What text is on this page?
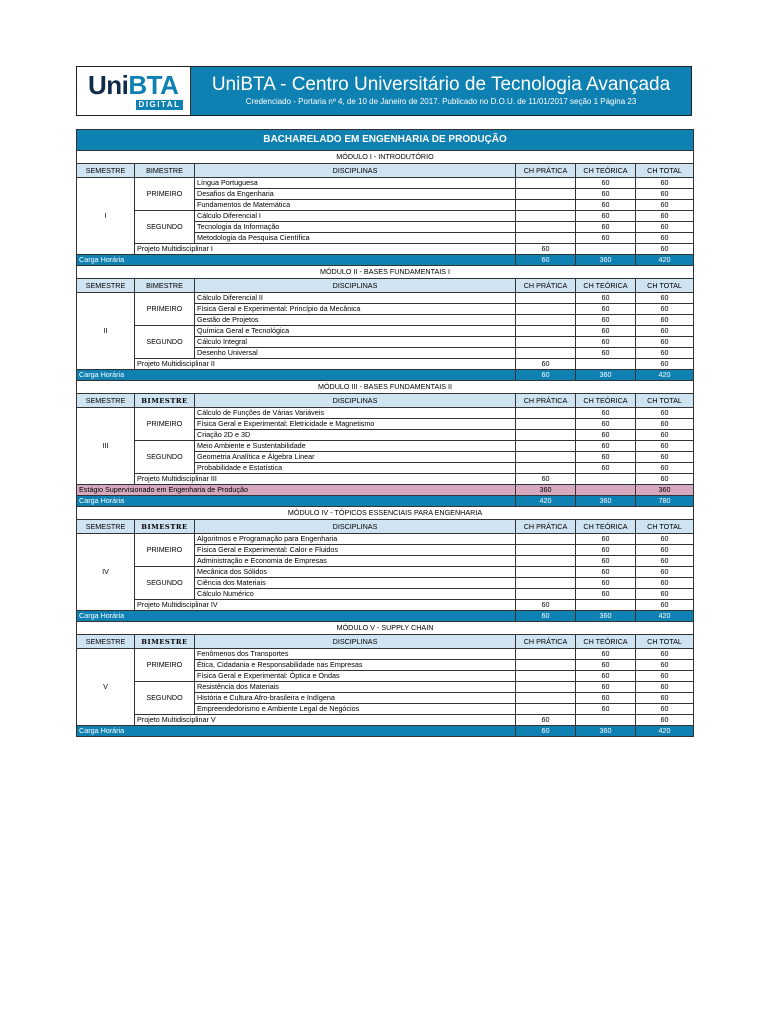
UniBTA
DIGITAL
UniBTA - Centro Universitário de Tecnologia Avançada
Credenciado - Portaria nº 4, de 10 de Janeiro de 2017. Publicado no D.O.U. de 11/01/2017 seção 1 Página 23
BACHARELADO EM ENGENHARIA DE PRODUÇÃO					
MÓDULO I - INTRODUTÓRIO					
SEMESTRE	BIMESTRE	DISCIPLINAS	CH PRÁTICA	CH TEÓRICA	CH TOTAL
I	PRIMEIRO	Língua Portuguesa		60	60
		Desafios da Engenharia		60	60
		Fundamentos de Matemática		60	60
	SEGUNDO	Cálculo Diferencial I		60	60
		Tecnologia da Informação		60	60
		Metodologia da Pesquisa Científica		60	60
	Projeto Multidisciplinar I		60		60
Carga Horária			60	360	420
MÓDULO II - BASES FUNDAMENTAIS I					
SEMESTRE	BIMESTRE	DISCIPLINAS	CH PRÁTICA	CH TEÓRICA	CH TOTAL
II	PRIMEIRO	Cálculo Diferencial II		60	60
		Física Geral e Experimental: Princípio da Mecânica		60	60
		Gestão de Projetos		60	60
	SEGUNDO	Química Geral e Tecnológica		60	60
		Cálculo Integral		60	60
		Desenho Universal		60	60
	Projeto Multidisciplinar II		60		60
Carga Horária			60	360	420
MÓDULO III - BASES FUNDAMENTAIS II					
SEMESTRE	BIMESTRE	DISCIPLINAS	CH PRÁTICA	CH TEÓRICA	CH TOTAL
III	PRIMEIRO	Cálculo de Funções de Várias Variáveis		60	60
		Física Geral e Experimental: Eletricidade e Magnetismo		60	60
		Criação 2D e 3D		60	60
	SEGUNDO	Meio Ambiente e Sustentabilidade		60	60
		Geometria Analítica e Álgebra Linear		60	60
		Probabilidade e Estatística		60	60
	Projeto Multidisciplinar III		60		60
Estágio Supervisionado em Engenharia de Produção			360		360
Carga Horária			420	360	780
MÓDULO IV - TÓPICOS ESSENCIAIS PARA ENGENHARIA					
SEMESTRE	BIMESTRE	DISCIPLINAS	CH PRÁTICA	CH TEÓRICA	CH TOTAL
IV	PRIMEIRO	Algoritmos e Programação para Engenharia		60	60
		Física Geral e Experimental: Calor e Fluidos		60	60
		Administração e Economia de Empresas		60	60
	SEGUNDO	Mecânica dos Sólidos		60	60
		Ciência dos Materiais		60	60
		Cálculo Numérico		60	60
	Projeto Multidisciplinar IV		60		60
Carga Horária			60	360	420
MÓDULO V - SUPPLY CHAIN					
SEMESTRE	BIMESTRE	DISCIPLINAS	CH PRÁTICA	CH TEÓRICA	CH TOTAL
V	PRIMEIRO	Fenômenos dos Transportes		60	60
		Ética, Cidadania e Responsabilidade nas Empresas		60	60
		Física Geral e Experimental: Óptica e Ondas		60	60
	SEGUNDO	Resistência dos Materiais		60	60
		História e Cultura Afro-brasileira e Indígena		60	60
		Empreendedorismo e Ambiente Legal de Negócios		60	60
	Projeto Multidisciplinar V		60		60
Carga Horária			60	360	420
